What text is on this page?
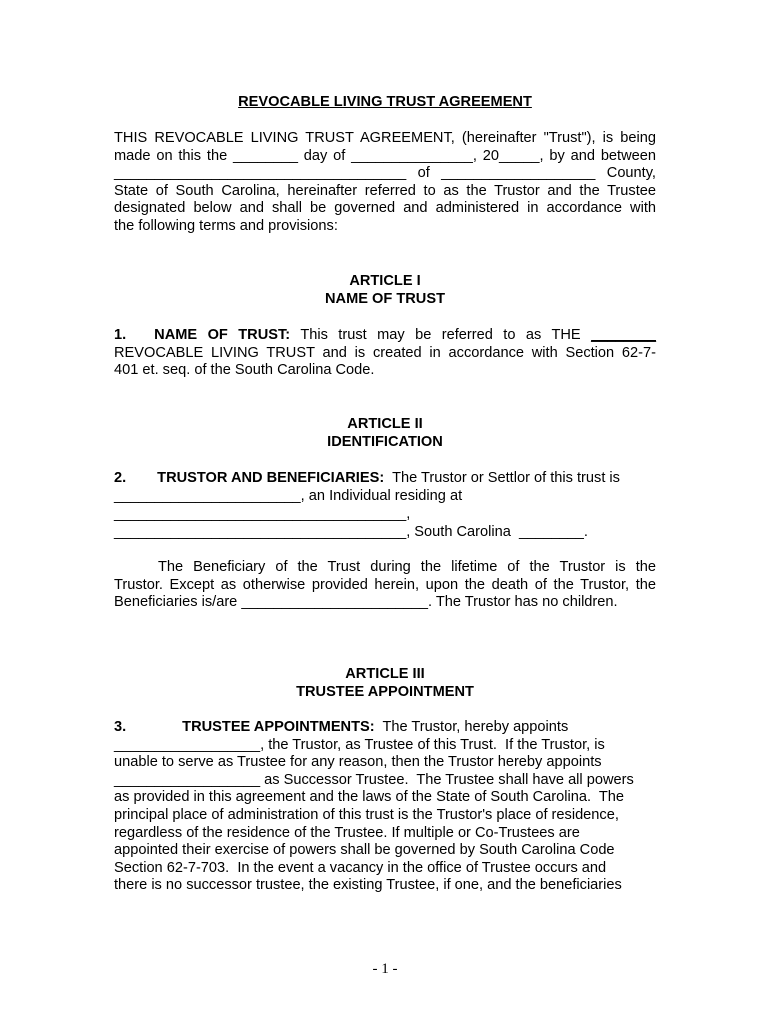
REVOCABLE LIVING TRUST AGREEMENT
THIS REVOCABLE LIVING TRUST AGREEMENT, (hereinafter "Trust"), is being
made on this the ________ day of _______________, 20_____, by and between
____________________________________ of ___________________ County,
State of South Carolina, hereinafter referred to as the Trustor and the Trustee
designated below and shall be governed and administered in accordance with
the following terms and provisions:
ARTICLE I
NAME OF TRUST
1. NAME OF TRUST: This trust may be referred to as THE ________
REVOCABLE LIVING TRUST and is created in accordance with Section 62-7-
401 et. seq. of the South Carolina Code.
ARTICLE II
IDENTIFICATION
2. TRUSTOR AND BENEFICIARIES: The Trustor or Settlor of this trust is
_______________________, an Individual residing at
____________________________________,
____________________________________, South Carolina  ________.
The Beneficiary of the Trust during the lifetime of the Trustor is the
Trustor. Except as otherwise provided herein, upon the death of the Trustor, the
Beneficiaries is/are _______________________. The Trustor has no children.
ARTICLE III
TRUSTEE APPOINTMENT
3.	TRUSTEE APPOINTMENTS: The Trustor, hereby appoints
__________________, the Trustor, as Trustee of this Trust.  If the Trustor, is
unable to serve as Trustee for any reason, then the Trustor hereby appoints
__________________ as Successor Trustee.  The Trustee shall have all powers
as provided in this agreement and the laws of the State of South Carolina.  The
principal place of administration of this trust is the Trustor's place of residence,
regardless of the residence of the Trustee. If multiple or Co-Trustees are
appointed their exercise of powers shall be governed by South Carolina Code
Section 62-7-703.  In the event a vacancy in the office of Trustee occurs and
there is no successor trustee, the existing Trustee, if one, and the beneficiaries
- 1 -
